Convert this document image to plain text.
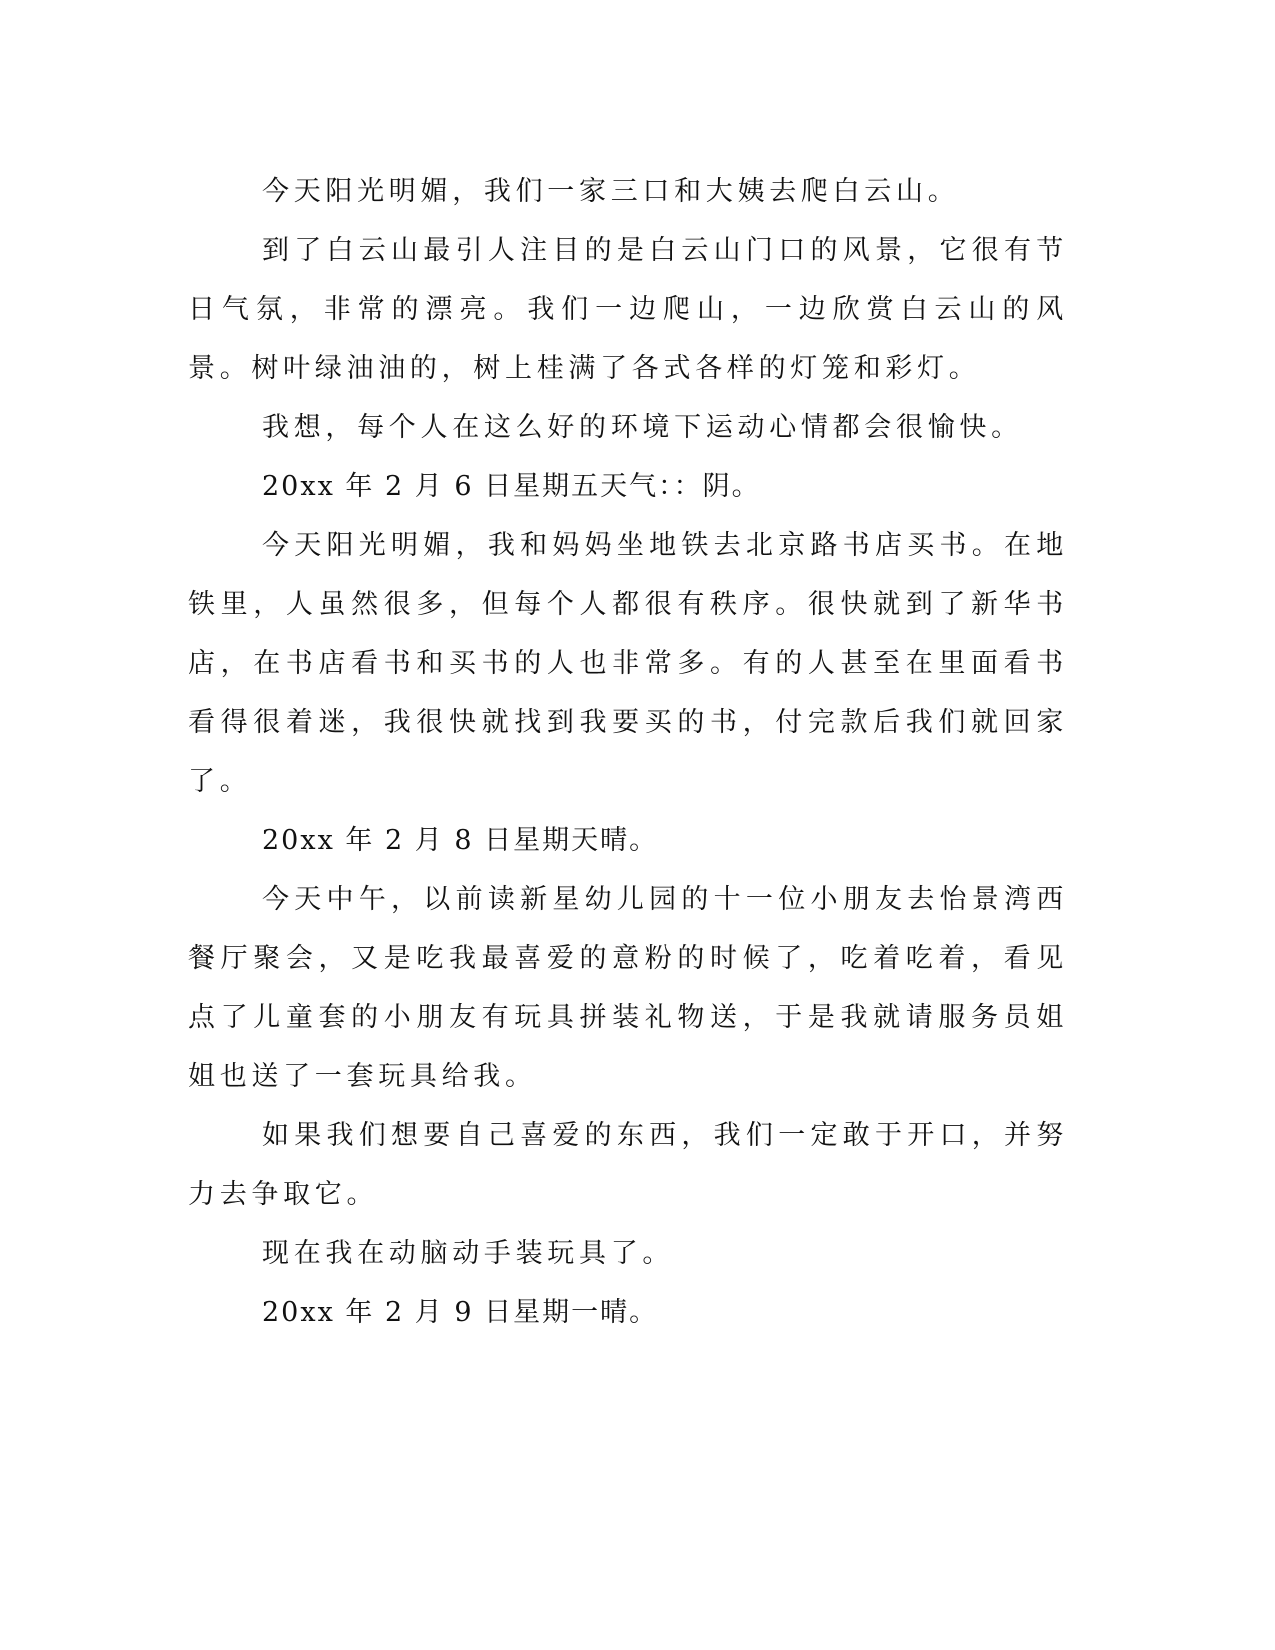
今天阳光明媚，我们一家三口和大姨去爬白云山。

到了白云山最引人注目的是白云山门口的风景，它很有节日气氛，非常的漂亮。我们一边爬山，一边欣赏白云山的风景。树叶绿油油的，树上桂满了各式各样的灯笼和彩灯。

我想，每个人在这么好的环境下运动心情都会很愉快。

20xx 年 2 月 6 日星期五天气：：阴。

今天阳光明媚，我和妈妈坐地铁去北京路书店买书。在地铁里，人虽然很多，但每个人都很有秩序。很快就到了新华书店，在书店看书和买书的人也非常多。有的人甚至在里面看书看得很着迷，我很快就找到我要买的书，付完款后我们就回家了。

20xx 年 2 月 8 日星期天晴。

今天中午，以前读新星幼儿园的十一位小朋友去怡景湾西餐厅聚会，又是吃我最喜爱的意粉的时候了，吃着吃着，看见点了儿童套的小朋友有玩具拼装礼物送，于是我就请服务员姐姐也送了一套玩具给我。

如果我们想要自己喜爱的东西，我们一定敢于开口，并努力去争取它。

现在我在动脑动手装玩具了。

20xx 年 2 月 9 日星期一晴。
